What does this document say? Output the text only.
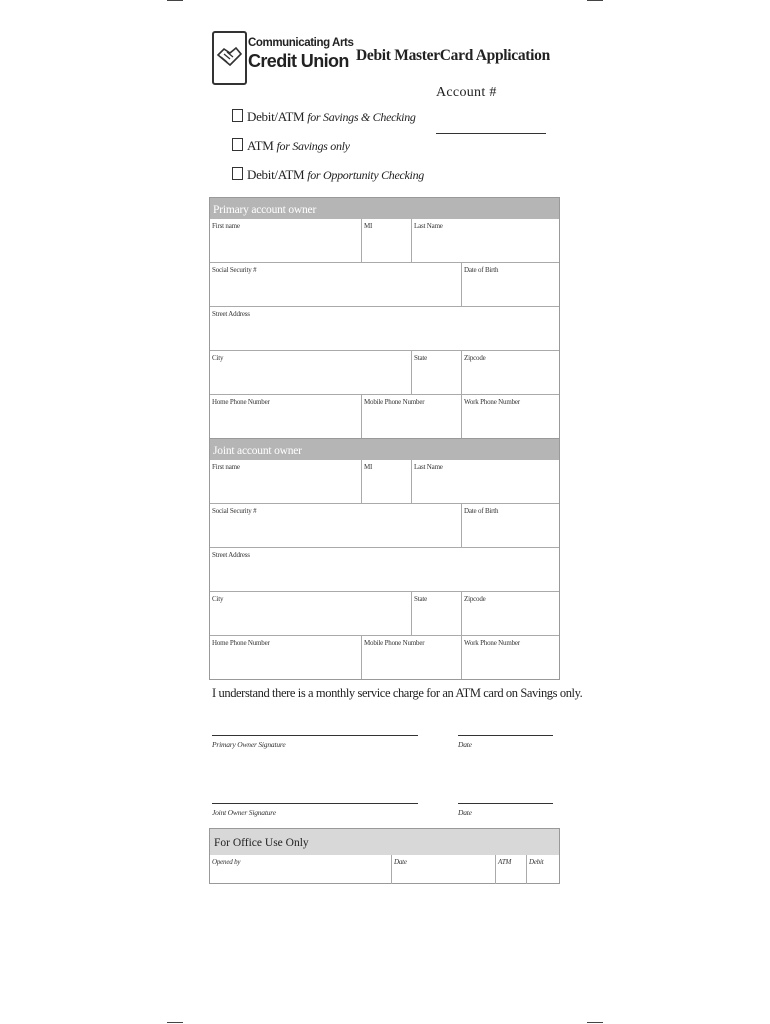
Communicating Arts
Credit Union Debit MasterCard Application
Account #
Debit/ATM for Savings & Checking
ATM for Savings only
Debit/ATM for Opportunity Checking
Primary account owner
First name	MI	Last Name
Social Security #	Date of Birth
Street Address
City	State	Zipcode
Home Phone Number	Mobile Phone Number	Work Phone Number
Joint account owner
First name	MI	Last Name
Social Security #	Date of Birth
Street Address
City	State	Zipcode
Home Phone Number	Mobile Phone Number	Work Phone Number
I understand there is a monthly service charge for an ATM card on Savings only.
Primary Owner Signature	Date
Joint Owner Signature	Date
For Office Use Only
Opened by	Date	ATM	Debit
